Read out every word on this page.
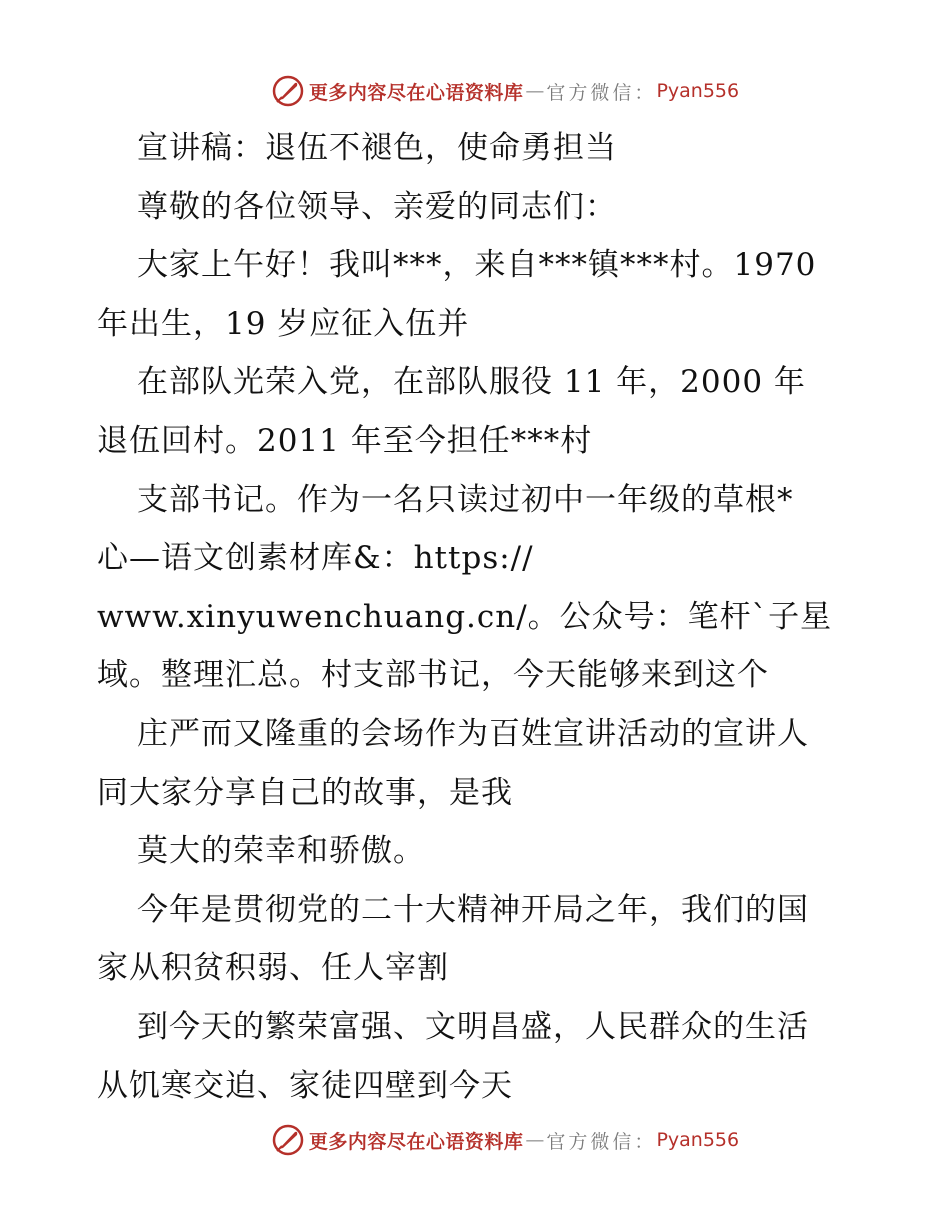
更多内容尽在心语资料库 — 官方微信： Pyan556
宣讲稿：退伍不褪色，使命勇担当
尊敬的各位领导、亲爱的同志们：
大家上午好！我叫***，来自***镇***村。1970
年出生，19 岁应征入伍并
在部队光荣入党，在部队服役 11 年，2000 年
退伍回村。2011 年至今担任***村
支部书记。作为一名只读过初中一年级的草根*
心—语文创素材库&：https://
www.xinyuwenchuang.cn/。公众号：笔杆`子星
域。整理汇总。村支部书记，今天能够来到这个
庄严而又隆重的会场作为百姓宣讲活动的宣讲人
同大家分享自己的故事，是我
莫大的荣幸和骄傲。
今年是贯彻党的二十大精神开局之年，我们的国
家从积贫积弱、任人宰割
到今天的繁荣富强、文明昌盛，人民群众的生活
从饥寒交迫、家徒四壁到今天
更多内容尽在心语资料库 — 官方微信： Pyan556
